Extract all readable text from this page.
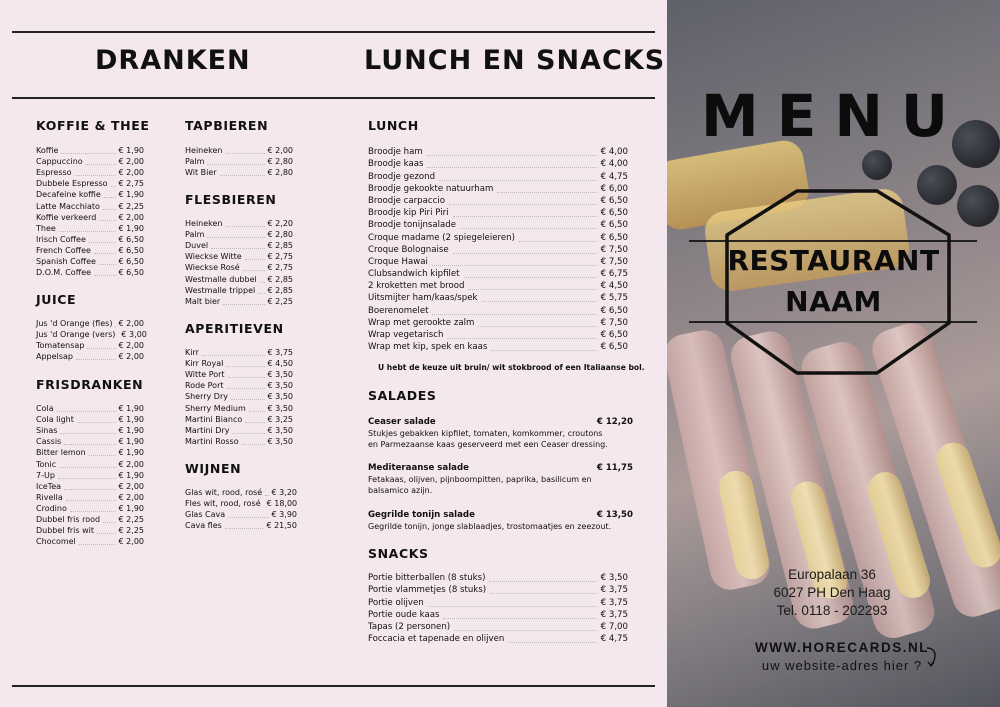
DRANKEN	LUNCH EN SNACKS
KOFFIE & THEE
Koffie	€ 1,90
Cappuccino	€ 2,00
Espresso	€ 2,00
Dubbele Espresso € 2,75
Decafeine koffie € 1,90
Latte Macchiato € 2,25
Koffie verkeerd	€ 2,00
Thee	€ 1,90
Irisch Coffee	€ 6,50
French Coffee	€ 6,50
Spanish Coffee	€ 6,50
D.O.M. Coffee	€ 6,50
JUICE
Jus 'd Orange (fles) € 2,00
Jus 'd Orange (vers) € 3,00
Tomatensap	€ 2,00
Appelsap	€ 2,00
FRISDRANKEN
Cola	€ 1,90
Cola light	€ 1,90
Sinas	€ 1,90
Cassis	€ 1,90
Bitter lemon	€ 1,90
Tonic	€ 2,00
7-Up	€ 1,90
IceTea	€ 2,00
Rivella	€ 2,00
Crodino	€ 1,90
Dubbel fris rood € 2,25
Dubbel fris wit	€ 2,25
Chocomel	€ 2,00
TAPBIEREN
Heineken	€ 2,00
Palm	€ 2,80
Wit Bier	€ 2,80
FLESBIEREN
Heineken	€ 2,20
Palm	€ 2,80
Duvel	€ 2,85
Wieckse Witte	€ 2,75
Wieckse Rosé	€ 2,75
Westmalle dubbel € 2,85
Westmalle trippel € 2,85
Malt bier	€ 2,25
APERITIEVEN
Kirr	€ 3,75
Kirr Royal	€ 4,50
Witte Port	€ 3,50
Rode Port	€ 3,50
Sherry Dry	€ 3,50
Sherry Medium	€ 3,50
Martini Bianco	€ 3,25
Martini Dry	€ 3,50
Martini Rosso	€ 3,50
WIJNEN
Glas wit, rood, rosé € 3,20
Fles wit, rood, rosé € 18,00
Glas Cava	€ 3,90
Cava fles	€ 21,50
LUNCH
Broodje ham	€ 4,00
Broodje kaas	€ 4,00
Broodje gezond	€ 4,75
Broodje gekookte natuurham	€ 6,00
Broodje carpaccio	€ 6,50
Broodje kip Piri Piri	€ 6,50
Broodje tonijnsalade	€ 6,50
Croque madame (2 spiegeleieren)	€ 6,50
Croque Bolognaise	€ 7,50
Croque Hawai	€ 7,50
Clubsandwich kipfilet	€ 6,75
2 kroketten met brood	€ 4,50
Uitsmijter ham/kaas/spek	€ 5,75
Boerenomelet	€ 6,50
Wrap met gerookte zalm	€ 7,50
Wrap vegetarisch	€ 6,50
Wrap met kip, spek en kaas	€ 6,50
U hebt de keuze uit bruin/ wit stokbrood of een Italiaanse bol.
SALADES
Ceaser salade	€ 12,20
Stukjes gebakken kipfilet, tomaten, komkommer, croutons
en Parmezaanse kaas geserveerd met een Ceaser dressing.
Mediteraanse salade	€ 11,75
Fetakaas, olijven, pijnboompitten, paprika, basilicum en
balsamico azijn.
Gegrilde tonijn salade	€ 13,50
Gegrilde tonijn, jonge slablaadjes, trostomaatjes en zeezout.
SNACKS
Portie bitterballen (8 stuks)	€ 3,50
Portie vlammetjes (8 stuks)	€ 3,75
Portie olijven	€ 3,75
Portie oude kaas	€ 3,75
Tapas (2 personen)	€ 7,00
Foccacia et tapenade en olijven	€ 4,75
MENU
RESTAURANT
NAAM
Europalaan 36
6027 PH Den Haag
Tel. 0118 - 202293
WWW.HORECARDS.NL
uw website-adres hier ?
